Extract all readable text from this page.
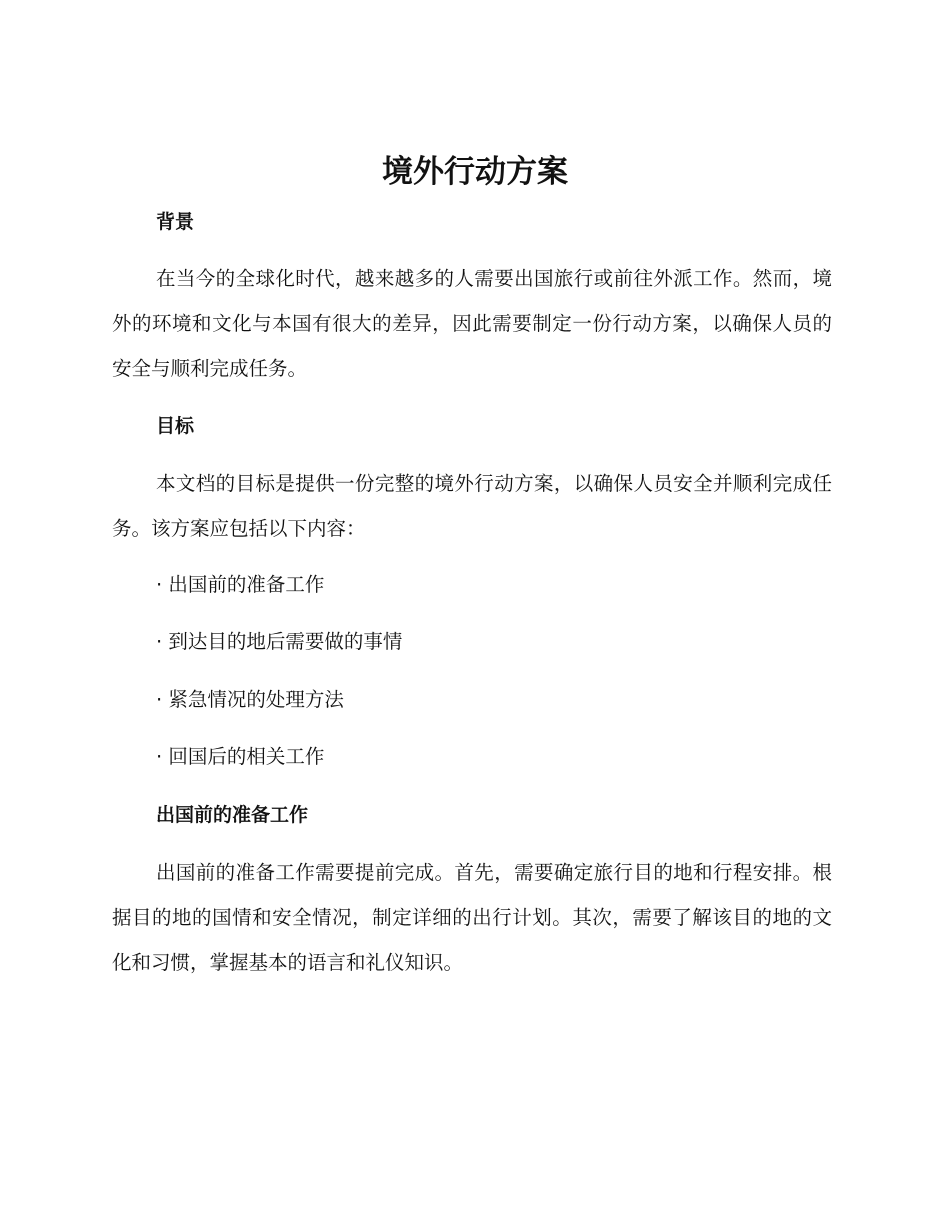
境外行动方案
背景
在当今的全球化时代，越来越多的人需要出国旅行或前往外派工作。然而，境外的环境和文化与本国有很大的差异，因此需要制定一份行动方案，以确保人员的安全与顺利完成任务。
目标
本文档的目标是提供一份完整的境外行动方案，以确保人员安全并顺利完成任务。该方案应包括以下内容：
· 出国前的准备工作
· 到达目的地后需要做的事情
· 紧急情况的处理方法
· 回国后的相关工作
出国前的准备工作
出国前的准备工作需要提前完成。首先，需要确定旅行目的地和行程安排。根据目的地的国情和安全情况，制定详细的出行计划。其次，需要了解该目的地的文化和习惯，掌握基本的语言和礼仪知识。
